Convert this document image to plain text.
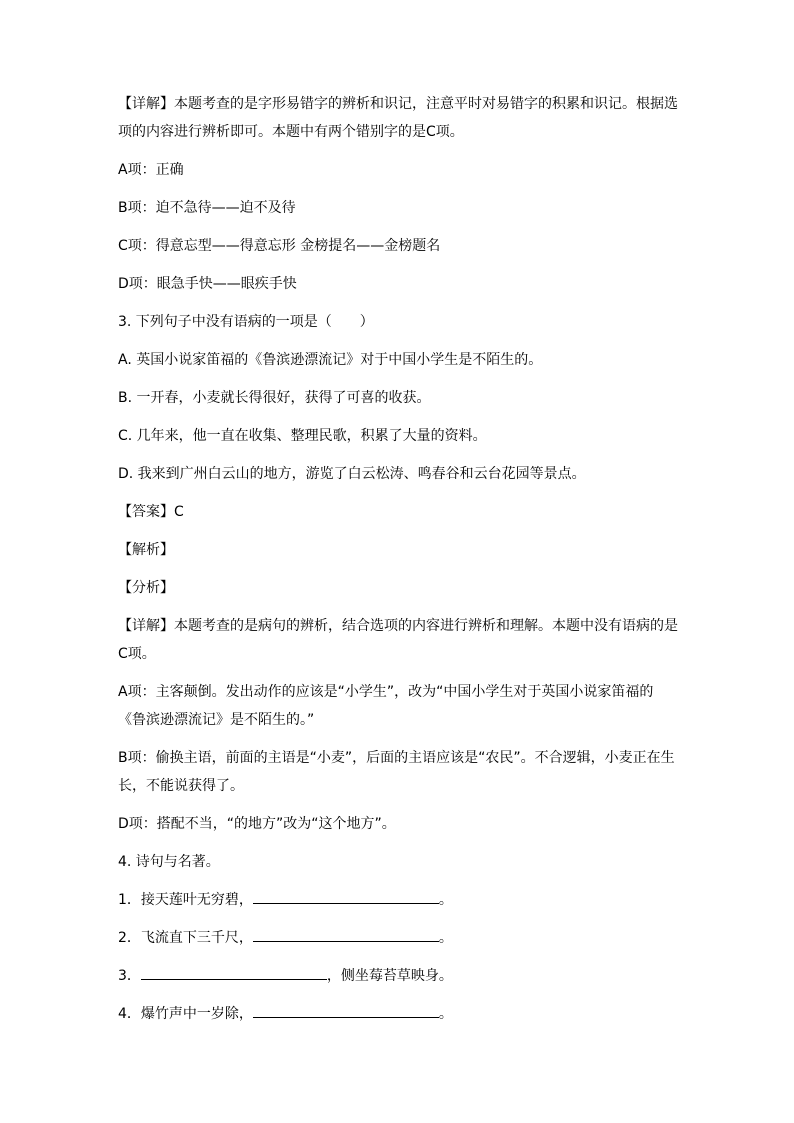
【详解】本题考查的是字形易错字的辨析和识记，注意平时对易错字的积累和识记。根据选项的内容进行辨析即可。本题中有两个错别字的是C项。
A项：正确
B项：迫不急待——迫不及待
C项：得意忘型——得意忘形 金榜提名——金榜题名
D项：眼急手快——眼疾手快
3. 下列句子中没有语病的一项是（　　）
A. 英国小说家笛福的《鲁滨逊漂流记》对于中国小学生是不陌生的。
B. 一开春，小麦就长得很好，获得了可喜的收获。
C. 几年来，他一直在收集、整理民歌，积累了大量的资料。
D. 我来到广州白云山的地方，游览了白云松涛、鸣春谷和云台花园等景点。
【答案】C
【解析】
【分析】
【详解】本题考查的是病句的辨析，结合选项的内容进行辨析和理解。本题中没有语病的是C项。
A项：主客颠倒。发出动作的应该是“小学生”，改为“中国小学生对于英国小说家笛福的《鲁滨逊漂流记》是不陌生的。”
B项：偷换主语，前面的主语是“小麦”，后面的主语应该是“农民”。不合逻辑，小麦正在生长，不能说获得了。
D项：搭配不当，“的地方”改为“这个地方”。
4. 诗句与名著。
1．接天莲叶无穷碧，	。
2．飞流直下三千尺，	。
3．	，侧坐莓苔草映身。
4．爆竹声中一岁除，	。
